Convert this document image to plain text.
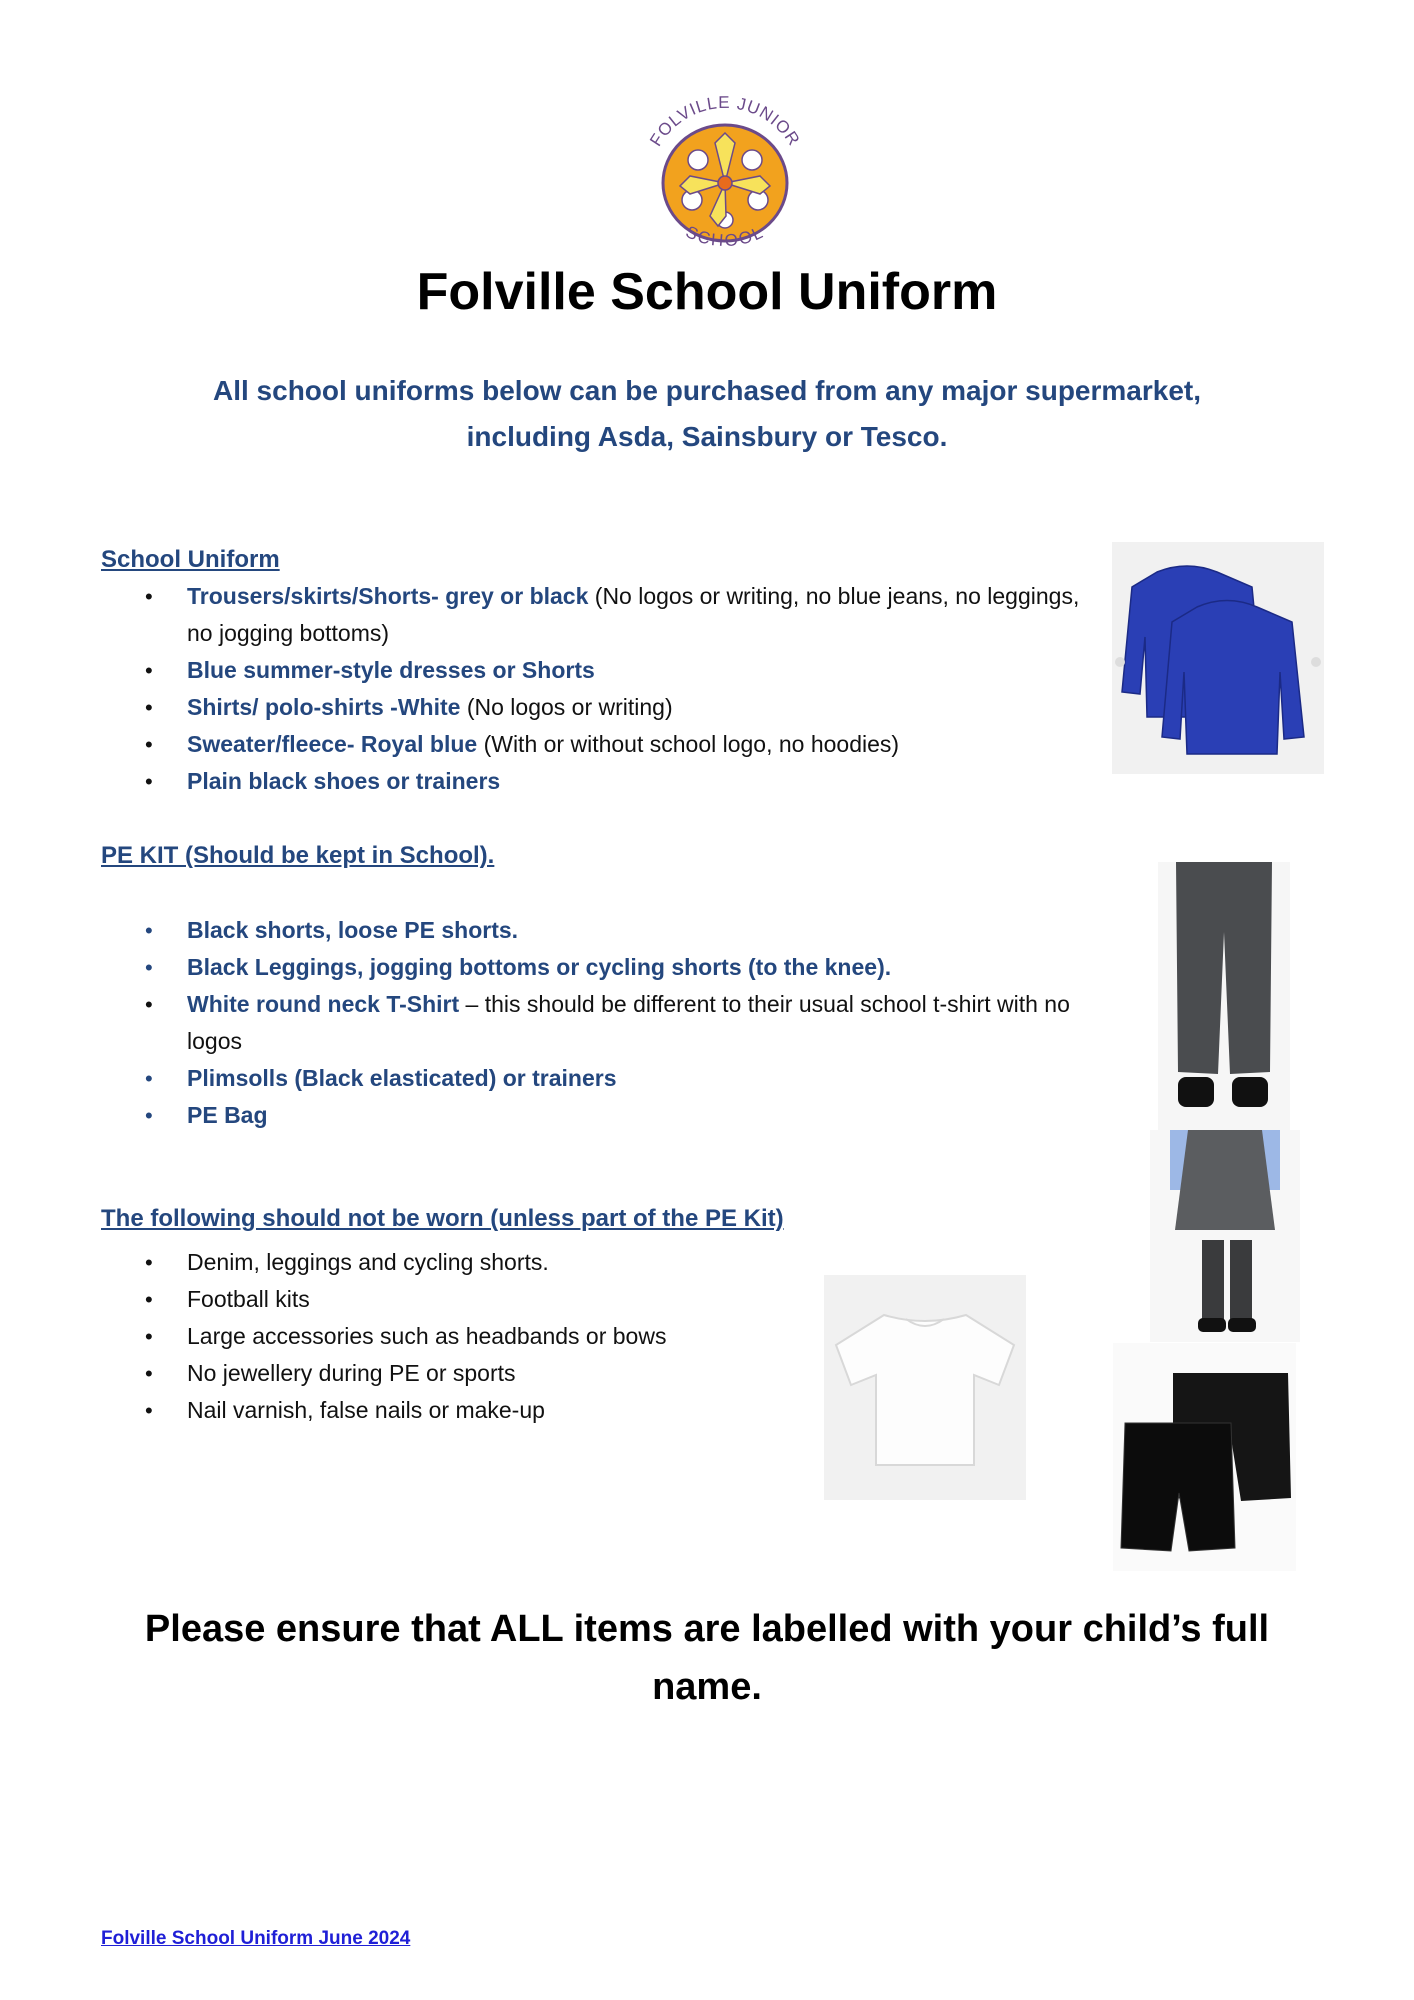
FOLVILLE JUNIOR
SCHOOL
Folville School Uniform
All school uniforms below can be purchased from any major supermarket,
including Asda, Sainsbury or Tesco.
School Uniform
• Trousers/skirts/Shorts- grey or black (No logos or writing, no blue jeans, no leggings,
no jogging bottoms)
• Blue summer-style dresses or Shorts
• Shirts/ polo-shirts -White (No logos or writing)
• Sweater/fleece- Royal blue (With or without school logo, no hoodies)
• Plain black shoes or trainers
PE KIT (Should be kept in School).
• Black shorts, loose PE shorts.
• Black Leggings, jogging bottoms or cycling shorts (to the knee).
• White round neck T-Shirt – this should be different to their usual school t-shirt with no
logos
• Plimsolls (Black elasticated) or trainers
• PE Bag
The following should not be worn (unless part of the PE Kit)
• Denim, leggings and cycling shorts.
• Football kits
• Large accessories such as headbands or bows
• No jewellery during PE or sports
• Nail varnish, false nails or make-up
Please ensure that ALL items are labelled with your child’s full
name.
Folville School Uniform June 2024
